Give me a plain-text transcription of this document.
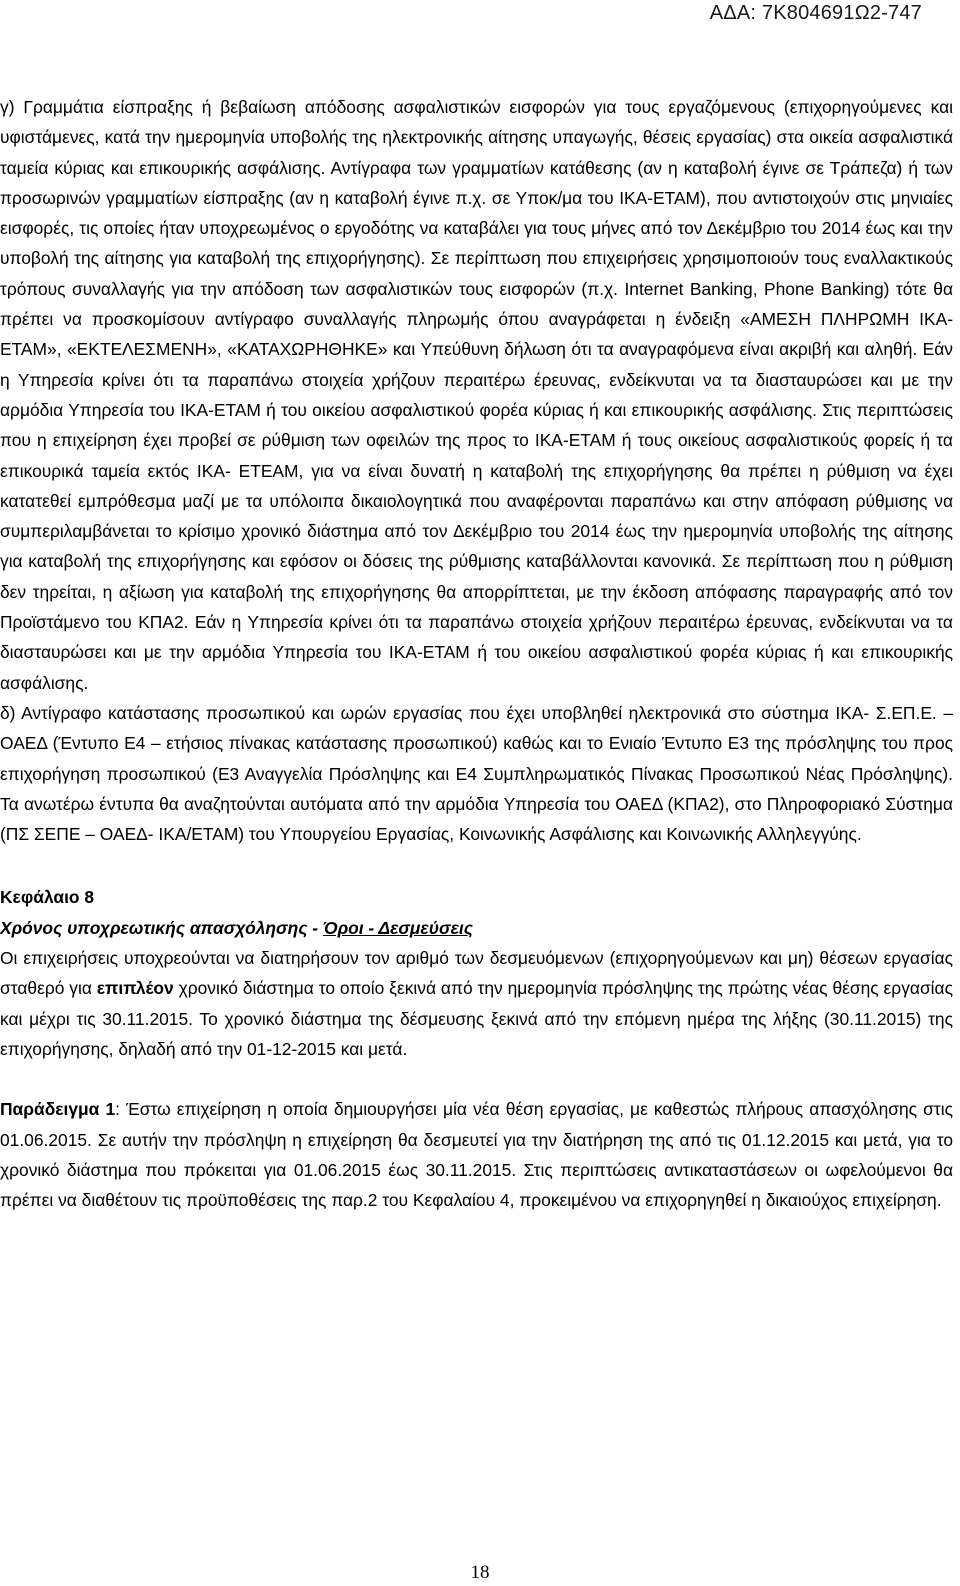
ΑΔΑ: 7Κ804691Ω2-747

γ) Γραμμάτια είσπραξης ή βεβαίωση απόδοσης ασφαλιστικών εισφορών για τους εργαζόμενους (επιχορηγούμενες και υφιστάμενες, κατά την ημερομηνία υποβολής της ηλεκτρονικής αίτησης υπαγωγής, θέσεις εργασίας) στα οικεία ασφαλιστικά ταμεία κύριας και επικουρικής ασφάλισης. Αντίγραφα των γραμματίων κατάθεσης (αν η καταβολή έγινε σε Τράπεζα) ή των προσωρινών γραμματίων είσπραξης (αν η καταβολή έγινε π.χ. σε Υποκ/μα του ΙΚΑ-ΕΤΑΜ), που αντιστοιχούν στις μηνιαίες εισφορές, τις οποίες ήταν υποχρεωμένος ο εργοδότης να καταβάλει για τους μήνες από τον Δεκέμβριο του 2014 έως και την υποβολή της αίτησης για καταβολή της επιχορήγησης). Σε περίπτωση που επιχειρήσεις χρησιμοποιούν τους εναλλακτικούς τρόπους συναλλαγής για την απόδοση των ασφαλιστικών τους εισφορών (π.χ. Internet Banking, Phone Banking) τότε θα πρέπει να προσκομίσουν αντίγραφο συναλλαγής πληρωμής όπου αναγράφεται η ένδειξη «ΑΜΕΣΗ ΠΛΗΡΩΜΗ ΙΚΑ-ΕΤΑΜ», «ΕΚΤΕΛΕΣΜΕΝΗ», «ΚΑΤΑΧΩΡΗΘΗΚΕ» και Υπεύθυνη δήλωση ότι τα αναγραφόμενα είναι ακριβή και αληθή. Εάν η Υπηρεσία κρίνει ότι τα παραπάνω στοιχεία χρήζουν περαιτέρω έρευνας, ενδείκνυται να τα διασταυρώσει και με την αρμόδια Υπηρεσία του ΙΚΑ-ΕΤΑΜ ή του οικείου ασφαλιστικού φορέα κύριας ή και επικουρικής ασφάλισης. Στις περιπτώσεις που η επιχείρηση έχει προβεί σε ρύθμιση των οφειλών της προς το ΙΚΑ-ΕΤΑΜ ή τους οικείους ασφαλιστικούς φορείς ή τα επικουρικά ταμεία εκτός ΙΚΑ- ΕΤΕΑΜ, για να είναι δυνατή η καταβολή της επιχορήγησης θα πρέπει η ρύθμιση να έχει κατατεθεί εμπρόθεσμα μαζί με τα υπόλοιπα δικαιολογητικά που αναφέρονται παραπάνω και στην απόφαση ρύθμισης να συμπεριλαμβάνεται το κρίσιμο χρονικό διάστημα από τον Δεκέμβριο του 2014 έως την ημερομηνία υποβολής της αίτησης για καταβολή της επιχορήγησης και εφόσον οι δόσεις της ρύθμισης καταβάλλονται κανονικά. Σε περίπτωση που η ρύθμιση δεν τηρείται, η αξίωση για καταβολή της επιχορήγησης θα απορρίπτεται, με την έκδοση απόφασης παραγραφής από τον Προϊστάμενο του ΚΠΑ2. Εάν η Υπηρεσία κρίνει ότι τα παραπάνω στοιχεία χρήζουν περαιτέρω έρευνας, ενδείκνυται να τα διασταυρώσει και με την αρμόδια Υπηρεσία του ΙΚΑ-ΕΤΑΜ ή του οικείου ασφαλιστικού φορέα κύριας ή και επικουρικής ασφάλισης.

δ) Αντίγραφο κατάστασης προσωπικού και ωρών εργασίας που έχει υποβληθεί ηλεκτρονικά στο σύστημα ΙΚΑ- Σ.ΕΠ.Ε. –ΟΑΕΔ (Έντυπο Ε4 – ετήσιος πίνακας κατάστασης προσωπικού) καθώς και το Ενιαίο Έντυπο Ε3 της πρόσληψης του προς επιχορήγηση προσωπικού (Ε3 Αναγγελία Πρόσληψης και Ε4 Συμπληρωματικός Πίνακας Προσωπικού Νέας Πρόσληψης). Τα ανωτέρω έντυπα θα αναζητούνται αυτόματα από την αρμόδια Υπηρεσία του ΟΑΕΔ (ΚΠΑ2), στο Πληροφοριακό Σύστημα (ΠΣ ΣΕΠΕ – ΟΑΕΔ- ΙΚΑ/ΕΤΑΜ) του Υπουργείου Εργασίας, Κοινωνικής Ασφάλισης και Κοινωνικής Αλληλεγγύης.

Κεφάλαιο 8

Χρόνος υποχρεωτικής απασχόλησης - Όροι - Δεσμεύσεις

Οι επιχειρήσεις υποχρεούνται να διατηρήσουν τον αριθμό των δεσμευόμενων (επιχορηγούμενων και μη) θέσεων εργασίας σταθερό για επιπλέον χρονικό διάστημα το οποίο ξεκινά από την ημερομηνία πρόσληψης της πρώτης νέας θέσης εργασίας και μέχρι τις 30.11.2015. Το χρονικό διάστημα της δέσμευσης ξεκινά από την επόμενη ημέρα της λήξης (30.11.2015) της επιχορήγησης, δηλαδή από την 01-12-2015 και μετά.

Παράδειγμα 1: Έστω επιχείρηση η οποία δημιουργήσει μία νέα θέση εργασίας, με καθεστώς πλήρους απασχόλησης στις 01.06.2015. Σε αυτήν την πρόσληψη η επιχείρηση θα δεσμευτεί για την διατήρηση της από τις 01.12.2015 και μετά, για το χρονικό διάστημα που πρόκειται για 01.06.2015 έως 30.11.2015. Στις περιπτώσεις αντικαταστάσεων οι ωφελούμενοι θα πρέπει να διαθέτουν τις προϋποθέσεις της παρ.2 του Κεφαλαίου 4, προκειμένου να επιχορηγηθεί η δικαιούχος επιχείρηση.

18
